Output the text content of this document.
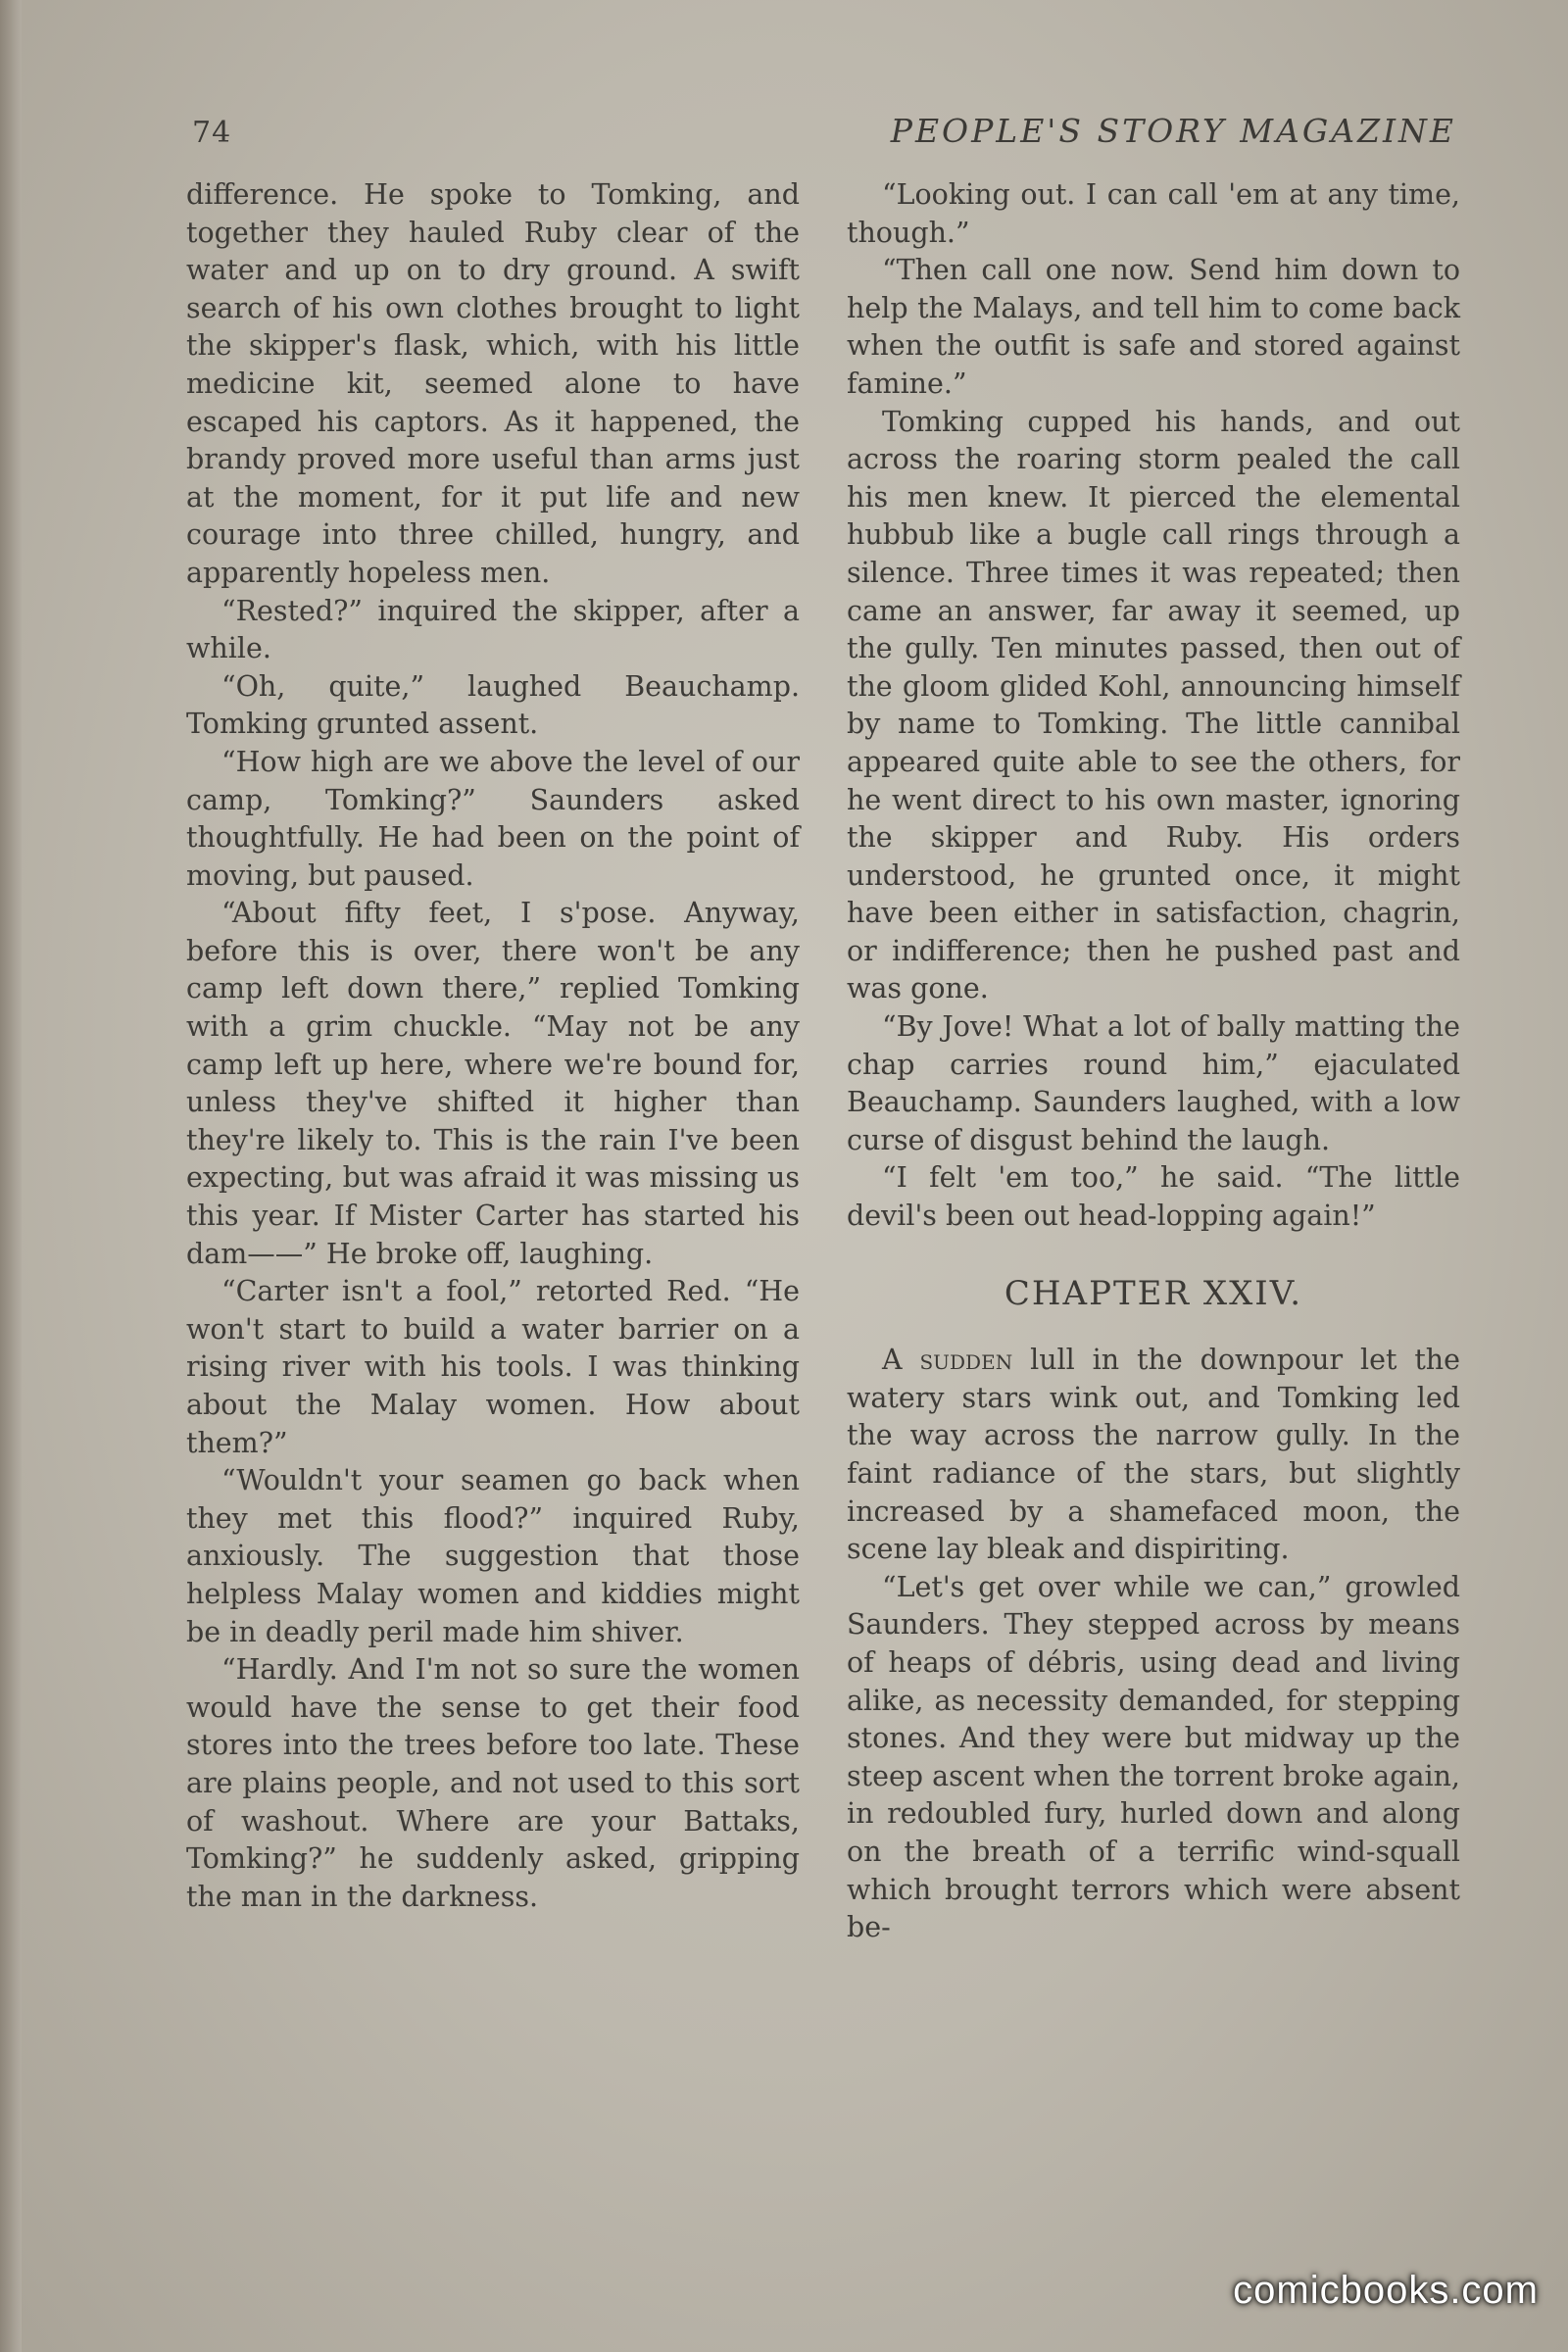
74	PEOPLE'S STORY MAGAZINE

difference. He spoke to Tomking, and together they hauled Ruby clear of the water and up on to dry ground. A swift search of his own clothes brought to light the skipper's flask, which, with his little medicine kit, seemed alone to have escaped his captors. As it happened, the brandy proved more useful than arms just at the moment, for it put life and new courage into three chilled, hungry, and apparently hopeless men.

“Rested?” inquired the skipper, after a while.

“Oh, quite,” laughed Beauchamp. Tomking grunted assent.

“How high are we above the level of our camp, Tomking?” Saunders asked thoughtfully. He had been on the point of moving, but paused.

“About fifty feet, I s'pose. Anyway, before this is over, there won't be any camp left down there,” replied Tomking with a grim chuckle. “May not be any camp left up here, where we're bound for, unless they've shifted it higher than they're likely to. This is the rain I've been expecting, but was afraid it was missing us this year. If Mister Carter has started his dam——” He broke off, laughing.

“Carter isn't a fool,” retorted Red. “He won't start to build a water barrier on a rising river with his tools. I was thinking about the Malay women. How about them?”

“Wouldn't your seamen go back when they met this flood?” inquired Ruby, anxiously. The suggestion that those helpless Malay women and kiddies might be in deadly peril made him shiver.

“Hardly. And I'm not so sure the women would have the sense to get their food stores into the trees before too late. These are plains people, and not used to this sort of washout. Where are your Battaks, Tomking?” he suddenly asked, gripping the man in the darkness.

“Looking out. I can call 'em at any time, though.”

“Then call one now. Send him down to help the Malays, and tell him to come back when the outfit is safe and stored against famine.”

Tomking cupped his hands, and out across the roaring storm pealed the call his men knew. It pierced the elemental hubbub like a bugle call rings through a silence. Three times it was repeated; then came an answer, far away it seemed, up the gully. Ten minutes passed, then out of the gloom glided Kohl, announcing himself by name to Tomking. The little cannibal appeared quite able to see the others, for he went direct to his own master, ignoring the skipper and Ruby. His orders understood, he grunted once, it might have been either in satisfaction, chagrin, or indifference; then he pushed past and was gone.

“By Jove! What a lot of bally matting the chap carries round him,” ejaculated Beauchamp. Saunders laughed, with a low curse of disgust behind the laugh.

“I felt 'em too,” he said. “The little devil's been out head-lopping again!”

CHAPTER XXIV.

A sudden lull in the downpour let the watery stars wink out, and Tomking led the way across the narrow gully. In the faint radiance of the stars, but slightly increased by a shamefaced moon, the scene lay bleak and dispiriting.

“Let's get over while we can,” growled Saunders. They stepped across by means of heaps of débris, using dead and living alike, as necessity demanded, for stepping stones. And they were but midway up the steep ascent when the torrent broke again, in redoubled fury, hurled down and along on the breath of a terrific wind-squall which brought terrors which were absent be-

comicbooks.com
